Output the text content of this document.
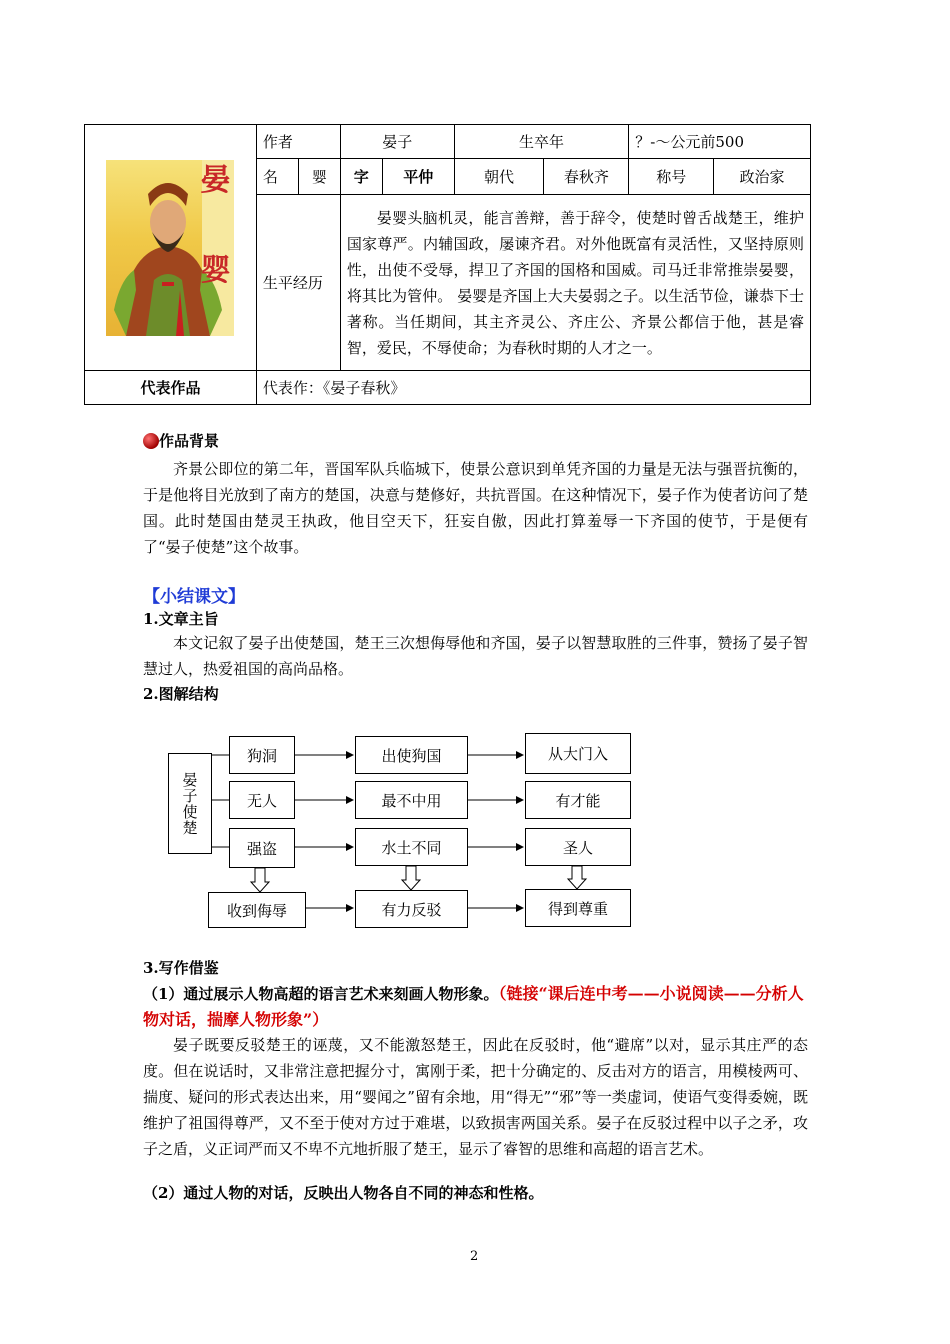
晏
婴	作者		晏子		生卒年		？-～公元前500	
	名	婴	字	平仲	朝代	春秋齐	称号	政治家
	生平经历		晏婴头脑机灵，能言善辩，善于辞令，使楚时曾舌战楚王，维护国家尊严。内辅国政，屡谏齐君。对外他既富有灵活性，又坚持原则性，出使不受辱，捍卫了齐国的国格和国威。司马迁非常推崇晏婴，将其比为管仲。 晏婴是齐国上大夫晏弱之子。以生活节俭，谦恭下士著称。当任期间，其主齐灵公、齐庄公、齐景公都信于他，甚是睿智，爱民，不辱使命；为春秋时期的人才之一。					
代表作品	代表作：《晏子春秋》							
作品背景
齐景公即位的第二年，晋国军队兵临城下，使景公意识到单凭齐国的力量是无法与强晋抗衡的，于是他将目光放到了南方的楚国，决意与楚修好，共抗晋国。在这种情况下，晏子作为使者访问了楚国。此时楚国由楚灵王执政，他目空天下，狂妄自傲，因此打算羞辱一下齐国的使节，于是便有了“晏子使楚”这个故事。
【小结课文】
1.文章主旨
本文记叙了晏子出使楚国，楚王三次想侮辱他和齐国，晏子以智慧取胜的三件事，赞扬了晏子智慧过人，热爱祖国的高尚品格。
2.图解结构
晏子使楚
狗洞
无人
强盗
出使狗国
最不中用
水土不同
从大门入
有才能
圣人
收到侮辱	有力反驳	得到尊重
3.写作借鉴
（1）通过展示人物高超的语言艺术来刻画人物形象。（链接“课后连中考——小说阅读——分析人物对话，揣摩人物形象”）
晏子既要反驳楚王的诬蔑，又不能激怒楚王，因此在反驳时，他“避席”以对，显示其庄严的态度。但在说话时，又非常注意把握分寸，寓刚于柔，把十分确定的、反击对方的语言，用模棱两可、揣度、疑问的形式表达出来，用“婴闻之”留有余地，用“得无”“邪”等一类虚词，使语气变得委婉，既维护了祖国得尊严，又不至于使对方过于难堪，以致损害两国关系。晏子在反驳过程中以子之矛，攻子之盾，义正词严而又不卑不亢地折服了楚王，显示了睿智的思维和高超的语言艺术。
（2）通过人物的对话，反映出人物各自不同的神态和性格。
2
